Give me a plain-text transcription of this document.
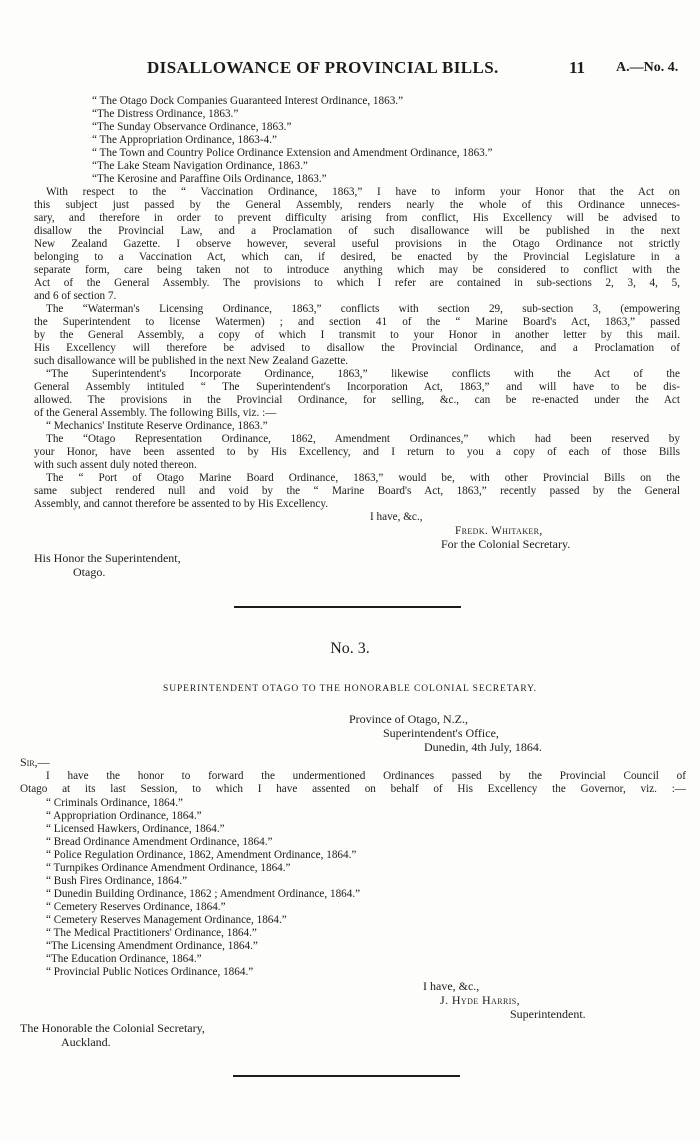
DISALLOWANCE OF PROVINCIAL BILLS.	11 A.—No. 4.
“ The Otago Dock Companies Guaranteed Interest Ordinance, 1863.”
“The Distress Ordinance, 1863.”
“The Sunday Observance Ordinance, 1863.”
“ The Appropriation Ordinance, 1863-4.”
“ The Town and Country Police Ordinance Extension and Amendment Ordinance, 1863.”
“The Lake Steam Navigation Ordinance, 1863.”
“The Kerosine and Paraffine Oils Ordinance, 1863.”
With respect to the “ Vaccination Ordinance, 1863,” I have to inform your Honor that the Act on
this subject just passed by the General Assembly, renders nearly the whole of this Ordinance unneces-
sary, and therefore in order to prevent difficulty arising from conflict, His Excellency will be advised to
disallow the Provincial Law, and a Proclamation of such disallowance will be published in the next
New Zealand Gazette. I observe however, several useful provisions in the Otago Ordinance not strictly
belonging to a Vaccination Act, which can, if desired, be enacted by the Provincial Legislature in a
separate form, care being taken not to introduce anything which may be considered to conflict with the
Act of the General Assembly. The provisions to which I refer are contained in sub-sections 2, 3, 4, 5,
and 6 of section 7.
The “Waterman's Licensing Ordinance, 1863,” conflicts with section 29, sub-section 3, (empowering
the Superintendent to license Watermen) ; and section 41 of the “ Marine Board's Act, 1863,” passed
by the General Assembly, a copy of which I transmit to your Honor in another letter by this mail.
His Excellency will therefore be advised to disallow the Provincial Ordinance, and a Proclamation of
such disallowance will be published in the next New Zealand Gazette.
“The Superintendent's Incorporate Ordinance, 1863,” likewise conflicts with the Act of the
General Assembly intituled “ The Superintendent's Incorporation Act, 1863,” and will have to be dis-
allowed. The provisions in the Provincial Ordinance, for selling, &c., can be re-enacted under the Act
of the General Assembly. The following Bills, viz. :—
“ Mechanics' Institute Reserve Ordinance, 1863.”
The “Otago Representation Ordinance, 1862, Amendment Ordinances,” which had been reserved by
your Honor, have been assented to by His Excellency, and I return to you a copy of each of those Bills
with such assent duly noted thereon.
The “ Port of Otago Marine Board Ordinance, 1863,” would be, with other Provincial Bills on the
same subject rendered null and void by the “ Marine Board's Act, 1863,” recently passed by the General
Assembly, and cannot therefore be assented to by His Excellency.
I have, &c.,
Fredk. Whitaker,
For the Colonial Secretary.
His Honor the Superintendent,
Otago.
No. 3.
SUPERINTENDENT OTAGO TO THE HONORABLE COLONIAL SECRETARY.
Province of Otago, N.Z.,
Superintendent's Office,
Dunedin, 4th July, 1864.
Sir,—
I have the honor to forward the undermentioned Ordinances passed by the Provincial Council of
Otago at its last Session, to which I have assented on behalf of His Excellency the Governor, viz. :—
“ Criminals Ordinance, 1864.”
“ Appropriation Ordinance, 1864.”
“ Licensed Hawkers, Ordinance, 1864.”
“ Bread Ordinance Amendment Ordinance, 1864.”
“ Police Regulation Ordinance, 1862, Amendment Ordinance, 1864.”
“ Turnpikes Ordinance Amendment Ordinance, 1864.”
“ Bush Fires Ordinance, 1864.”
“ Dunedin Building Ordinance, 1862 ; Amendment Ordinance, 1864.”
“ Cemetery Reserves Ordinance, 1864.”
“ Cemetery Reserves Management Ordinance, 1864.”
“ The Medical Practitioners' Ordinance, 1864.”
“The Licensing Amendment Ordinance, 1864.”
“The Education Ordinance, 1864.”
“ Provincial Public Notices Ordinance, 1864.”
I have, &c.,
J. Hyde Harris,
Superintendent.
The Honorable the Colonial Secretary,
Auckland.
